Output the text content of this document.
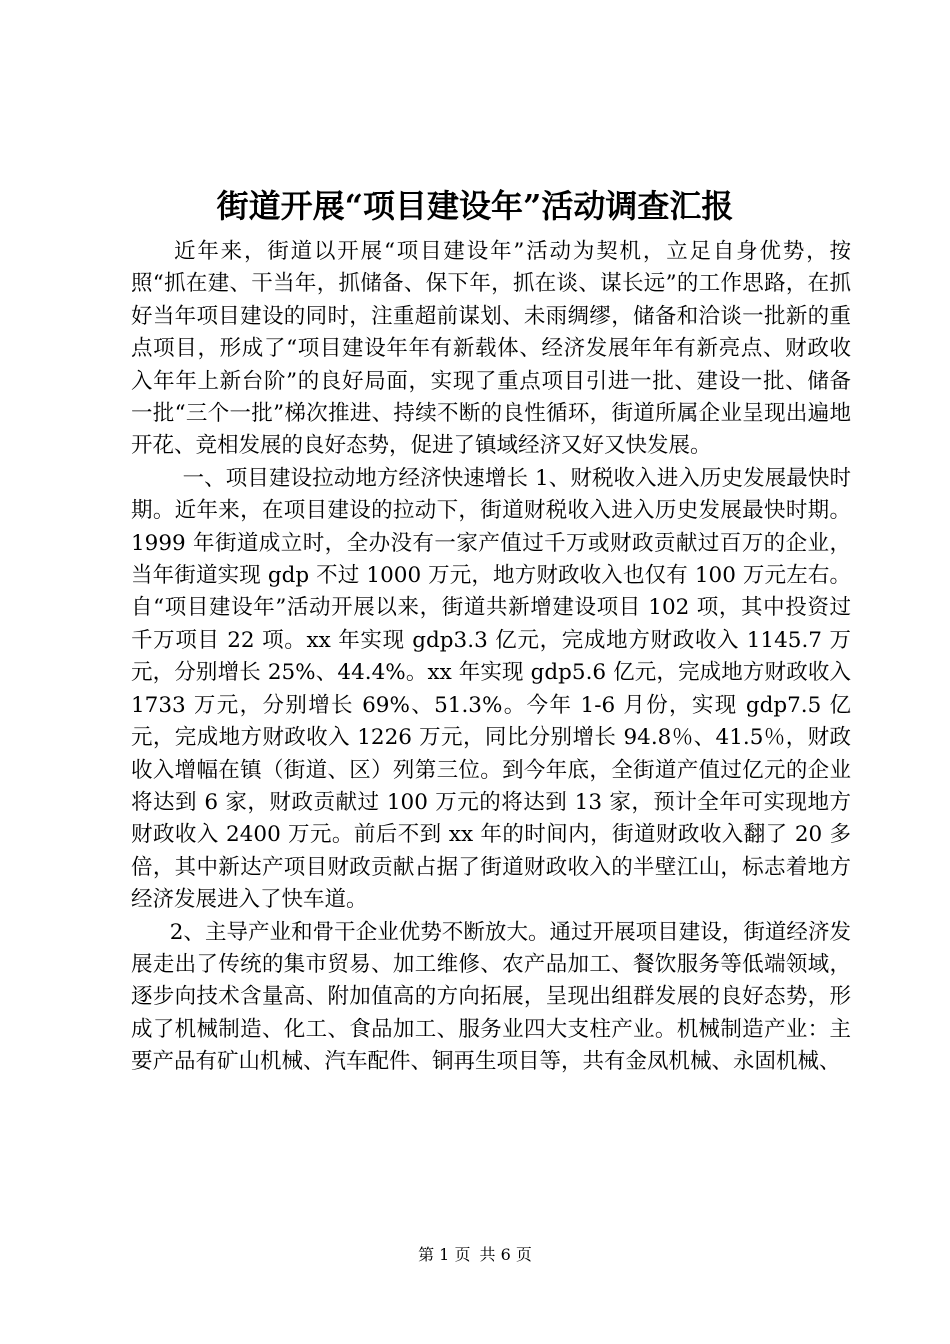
街道开展“项目建设年”活动调查汇报

近年来，街道以开展“项目建设年”活动为契机，立足自身优势，按照“抓在建、干当年，抓储备、保下年，抓在谈、谋长远”的工作思路，在抓好当年项目建设的同时，注重超前谋划、未雨绸缪，储备和洽谈一批新的重点项目，形成了“项目建设年年有新载体、经济发展年年有新亮点、财政收入年年上新台阶”的良好局面，实现了重点项目引进一批、建设一批、储备一批“三个一批”梯次推进、持续不断的良性循环，街道所属企业呈现出遍地开花、竞相发展的良好态势，促进了镇域经济又好又快发展。

一、项目建设拉动地方经济快速增长 1、财税收入进入历史发展最快时期。近年来，在项目建设的拉动下，街道财税收入进入历史发展最快时期。1999 年街道成立时，全办没有一家产值过千万或财政贡献过百万的企业，当年街道实现 gdp 不过 1000 万元，地方财政收入也仅有 100 万元左右。自“项目建设年”活动开展以来，街道共新增建设项目 102 项，其中投资过千万项目 22 项。xx 年实现 gdp3.3 亿元，完成地方财政收入 1145.7 万元，分别增长 25%、44.4%。xx 年实现 gdp5.6 亿元，完成地方财政收入 1733 万元，分别增长 69%、51.3%。今年 1-6 月份，实现 gdp7.5 亿元，完成地方财政收入 1226 万元，同比分别增长 94.8％、41.5％，财政收入增幅在镇（街道、区）列第三位。到今年底，全街道产值过亿元的企业将达到 6 家，财政贡献过 100 万元的将达到 13 家，预计全年可实现地方财政收入 2400 万元。前后不到 xx 年的时间内，街道财政收入翻了 20 多倍，其中新达产项目财政贡献占据了街道财政收入的半壁江山，标志着地方经济发展进入了快车道。

2、主导产业和骨干企业优势不断放大。通过开展项目建设，街道经济发展走出了传统的集市贸易、加工维修、农产品加工、餐饮服务等低端领域，逐步向技术含量高、附加值高的方向拓展，呈现出组群发展的良好态势，形成了机械制造、化工、食品加工、服务业四大支柱产业。机械制造产业：主要产品有矿山机械、汽车配件、铜再生项目等，共有金凤机械、永固机械、

第 1 页 共 6 页
